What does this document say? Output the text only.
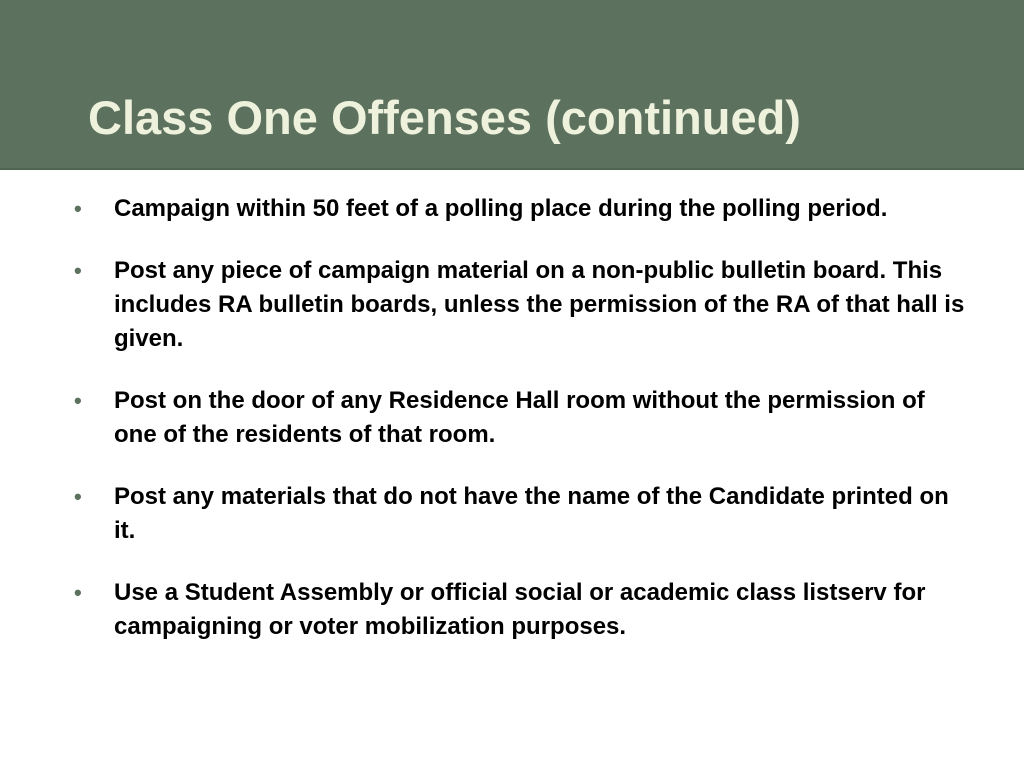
Class One Offenses (continued)
• Campaign within 50 feet of a polling place during the polling period.
• Post any piece of campaign material on a non-public bulletin board. This includes RA bulletin boards, unless the permission of the RA of that hall is given.
• Post on the door of any Residence Hall room without the permission of one of the residents of that room.
• Post any materials that do not have the name of the Candidate printed on it.
• Use a Student Assembly or official social or academic class listserv for campaigning or voter mobilization purposes.
